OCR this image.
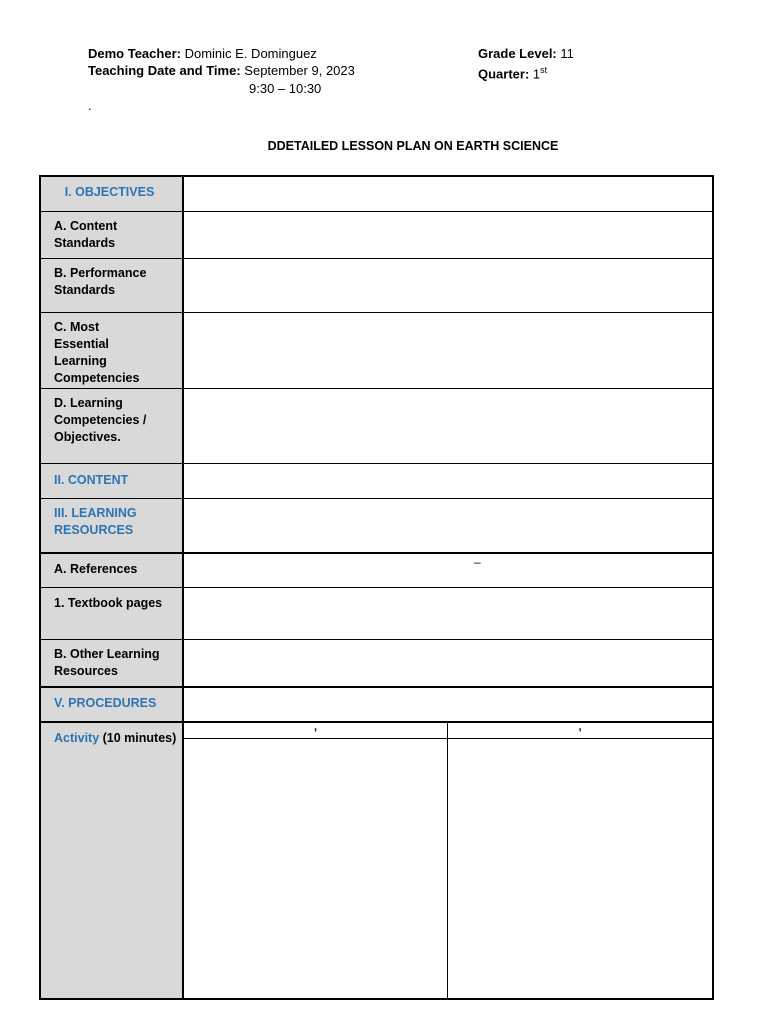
Demo Teacher: Dominic E. Dominguez
Teaching Date and Time: September 9, 2023
9:30 – 10:30
.
Grade Level: 11
Quarter: 1st
DDETAILED LESSON PLAN ON EARTH SCIENCE
I. OBJECTIVES
A. Content Standards
B. Performance Standards
C. Most Essential Learning Competencies
D. Learning Competencies / Objectives.
II. CONTENT
III. LEARNING RESOURCES
A. References	–
1. Textbook pages
B. Other Learning Resources
V. PROCEDURES
Activity (10 minutes)
,	,
